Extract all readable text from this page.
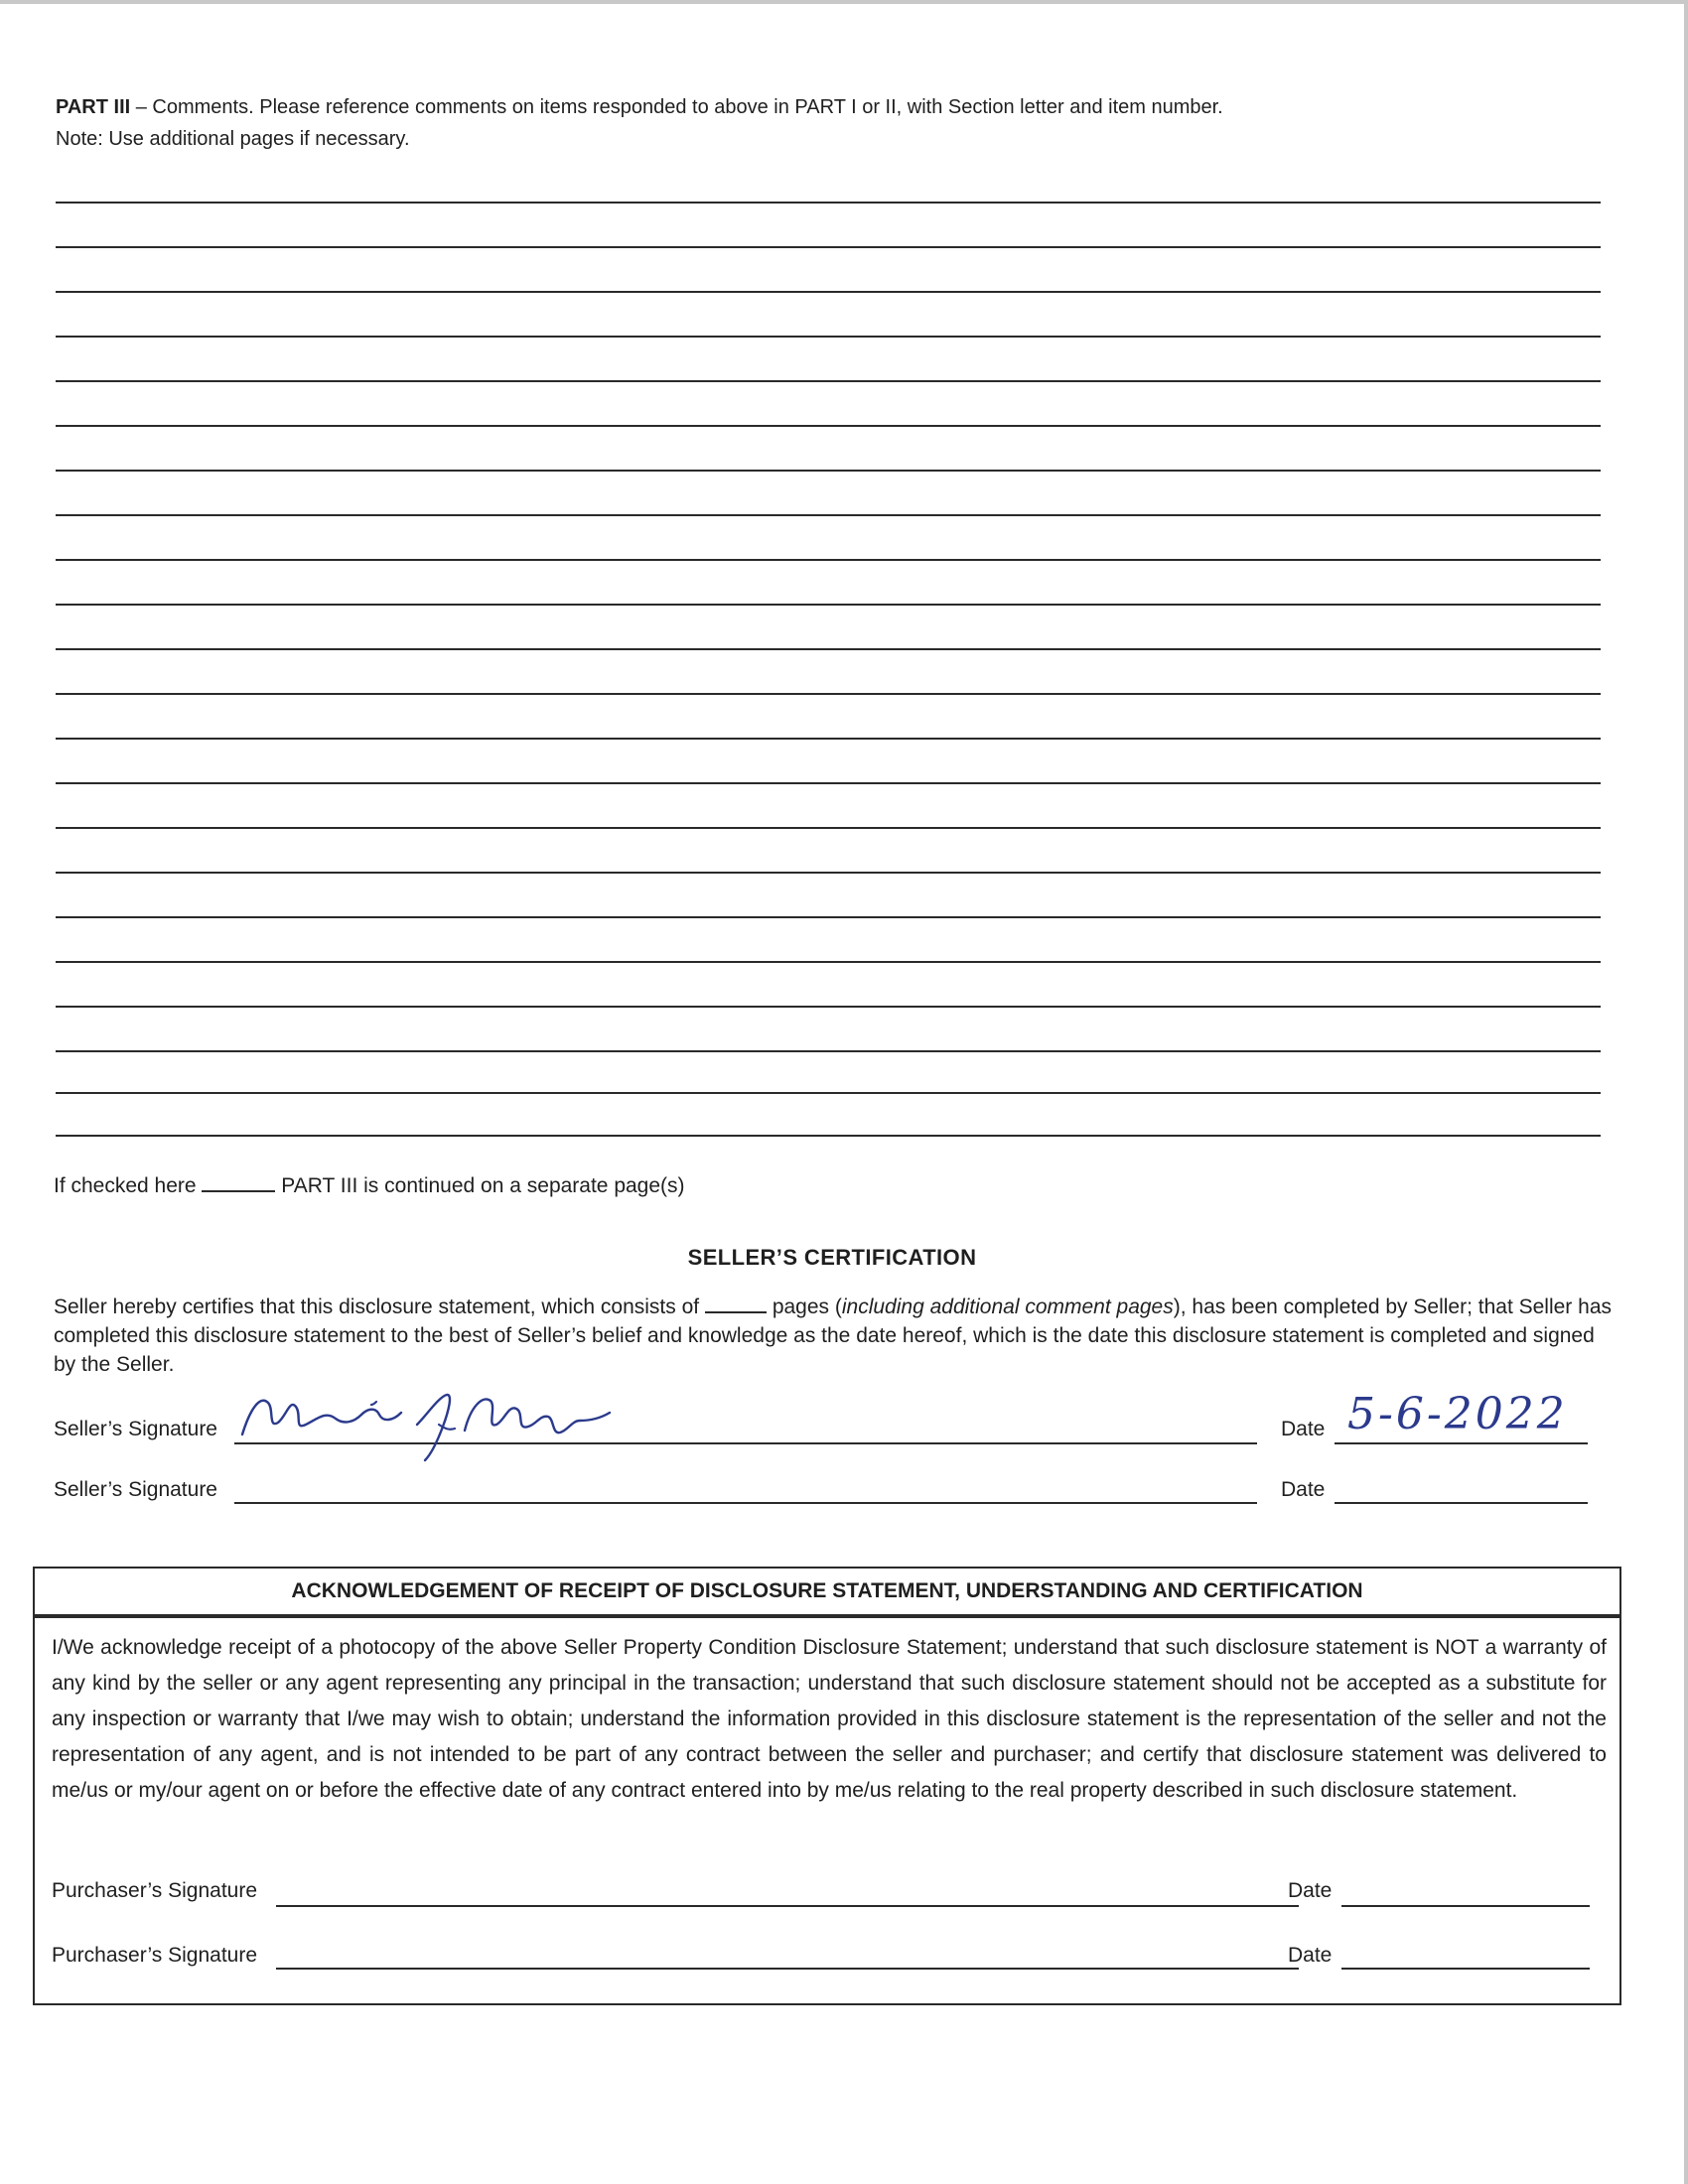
PART III – Comments. Please reference comments on items responded to above in PART I or II, with Section letter and item number.
Note: Use additional pages if necessary.
If checked here	PART III is continued on a separate page(s)
SELLER’S CERTIFICATION
Seller hereby certifies that this disclosure statement, which consists of	pages (including additional comment pages), has been completed by Seller; that Seller has completed this disclosure statement to the best of Seller’s belief and knowledge as the date hereof, which is the date this disclosure statement is completed and signed by the Seller.
Seller’s Signature	Date 5-6-2022
Seller’s Signature	Date
ACKNOWLEDGEMENT OF RECEIPT OF DISCLOSURE STATEMENT, UNDERSTANDING AND CERTIFICATION
I/We acknowledge receipt of a photocopy of the above Seller Property Condition Disclosure Statement; understand that such disclosure statement is NOT a warranty of any kind by the seller or any agent representing any principal in the transaction; understand that such disclosure statement should not be accepted as a substitute for any inspection or warranty that I/we may wish to obtain; understand the information provided in this disclosure statement is the representation of the seller and not the representation of any agent, and is not intended to be part of any contract between the seller and purchaser; and certify that disclosure statement was delivered to me/us or my/our agent on or before the effective date of any contract entered into by me/us relating to the real property described in such disclosure statement.
Purchaser’s Signature	Date
Purchaser’s Signature	Date
